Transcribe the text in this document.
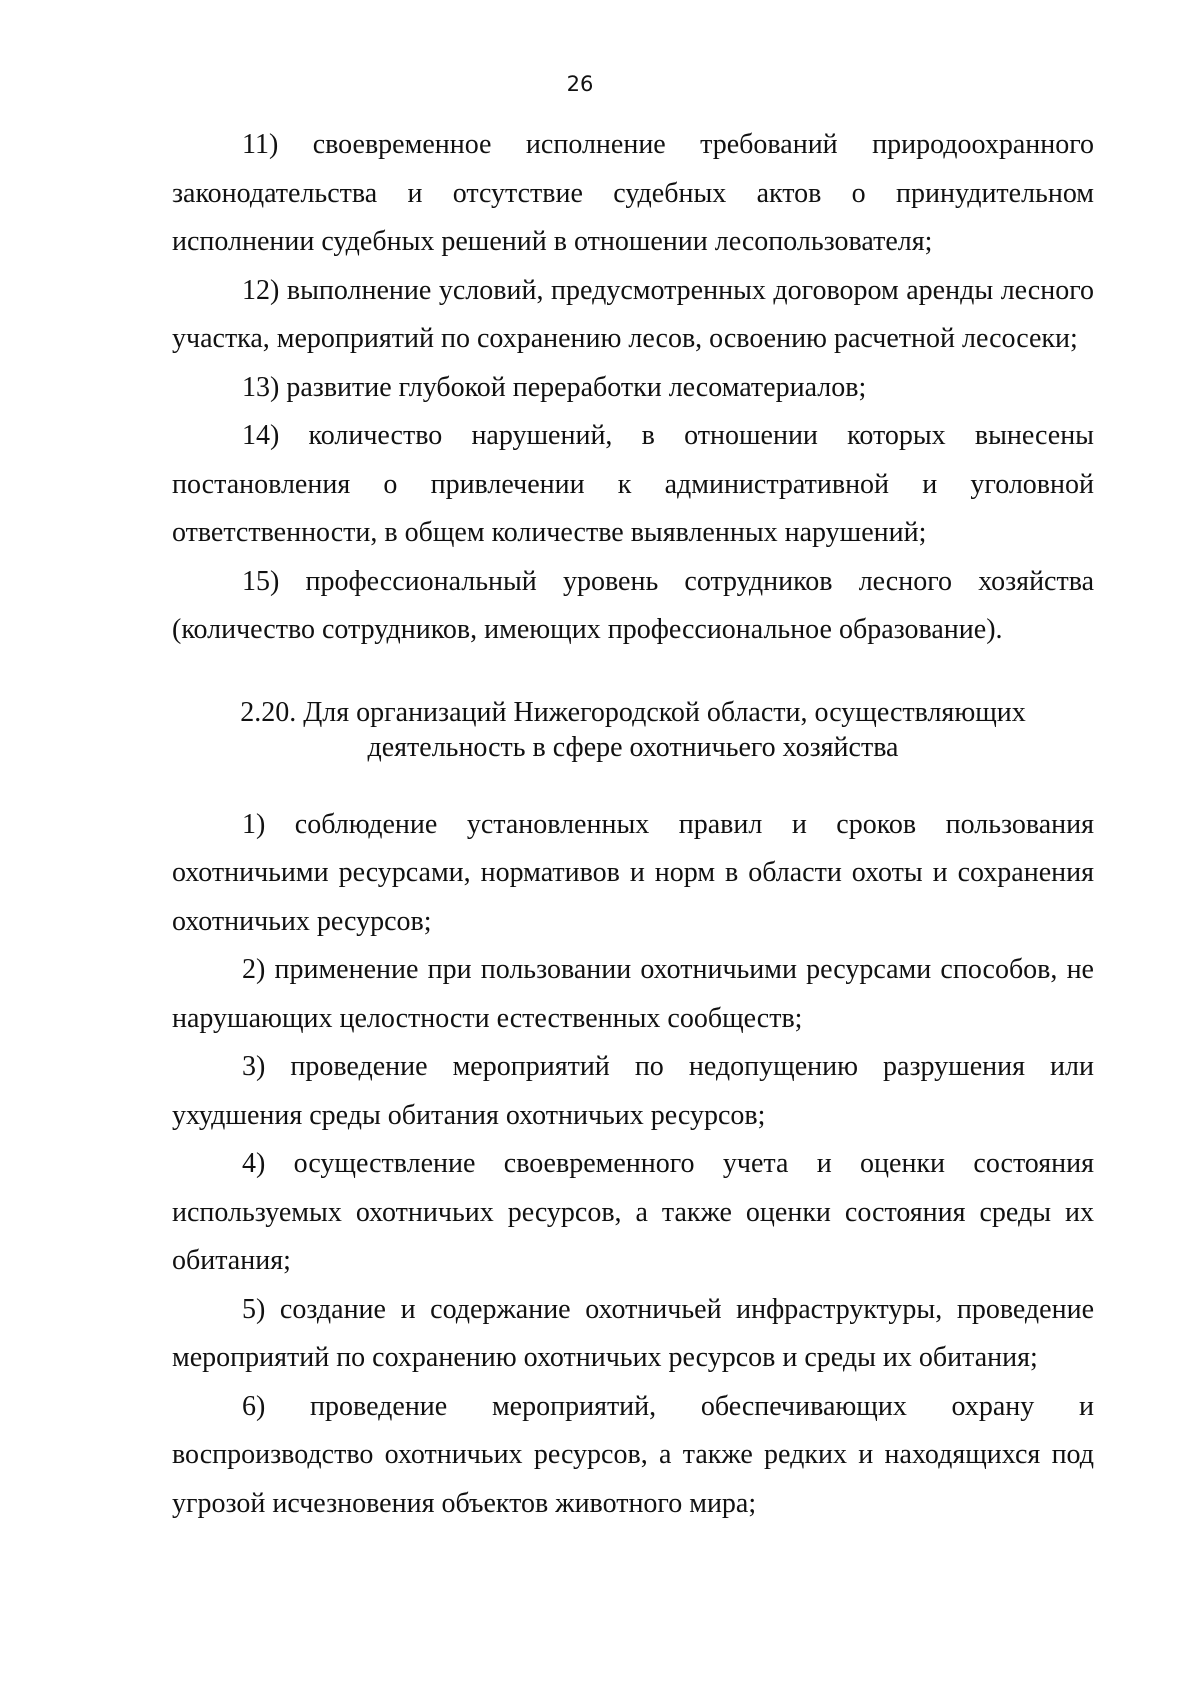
26

11) своевременное исполнение требований природоохранного законодательства и отсутствие судебных актов о принудительном исполнении судебных решений в отношении лесопользователя;

12) выполнение условий, предусмотренных договором аренды лесного участка, мероприятий по сохранению лесов, освоению расчетной лесосеки;

13) развитие глубокой переработки лесоматериалов;

14) количество нарушений, в отношении которых вынесены постановления о привлечении к административной и уголовной ответственности, в общем количестве выявленных нарушений;

15) профессиональный уровень сотрудников лесного хозяйства (количество сотрудников, имеющих профессиональное образование).

2.20. Для организаций Нижегородской области, осуществляющих
деятельность в сфере охотничьего хозяйства

1) соблюдение установленных правил и сроков пользования охотничьими ресурсами, нормативов и норм в области охоты и сохранения охотничьих ресурсов;

2) применение при пользовании охотничьими ресурсами способов, не нарушающих целостности естественных сообществ;

3) проведение мероприятий по недопущению разрушения или ухудшения среды обитания охотничьих ресурсов;

4) осуществление своевременного учета и оценки состояния используемых охотничьих ресурсов, а также оценки состояния среды их обитания;

5) создание и содержание охотничьей инфраструктуры, проведение мероприятий по сохранению охотничьих ресурсов и среды их обитания;

6) проведение мероприятий, обеспечивающих охрану и воспроизводство охотничьих ресурсов, а также редких и находящихся под угрозой исчезновения объектов животного мира;
